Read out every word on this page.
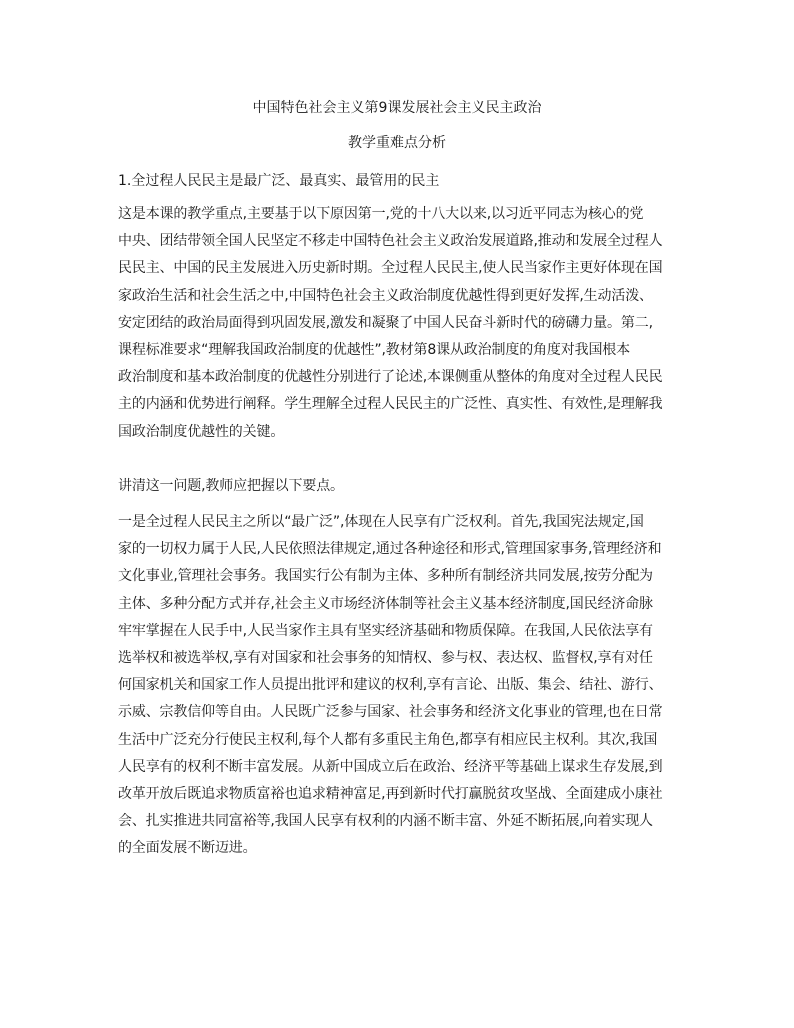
中国特色社会主义第9课发展社会主义民主政治
教学重难点分析
1.全过程人民民主是最广泛、最真实、最管用的民主

这是本课的教学重点,主要基于以下原因第一,党的十八大以来,以习近平同志为核心的党
中央、团结带领全国人民坚定不移走中国特色社会主义政治发展道路,推动和发展全过程人
民民主、中国的民主发展进入历史新时期。全过程人民民主,使人民当家作主更好体现在国
家政治生活和社会生活之中,中国特色社会主义政治制度优越性得到更好发挥,生动活泼、
安定团结的政治局面得到巩固发展,激发和凝聚了中国人民奋斗新时代的磅礴力量。第二,
课程标准要求“理解我国政治制度的优越性”,教材第8课从政治制度的角度对我国根本
政治制度和基本政治制度的优越性分别进行了论述,本课侧重从整体的角度对全过程人民民
主的内涵和优势进行阐释。学生理解全过程人民民主的广泛性、真实性、有效性,是理解我
国政治制度优越性的关键。

讲清这一问题,教师应把握以下要点。

一是全过程人民民主之所以“最广泛”,体现在人民享有广泛权利。首先,我国宪法规定,国
家的一切权力属于人民,人民依照法律规定,通过各种途径和形式,管理国家事务,管理经济和
文化事业,管理社会事务。我国实行公有制为主体、多种所有制经济共同发展,按劳分配为
主体、多种分配方式并存,社会主义市场经济体制等社会主义基本经济制度,国民经济命脉
牢牢掌握在人民手中,人民当家作主具有坚实经济基础和物质保障。在我国,人民依法享有
选举权和被选举权,享有对国家和社会事务的知情权、参与权、表达权、监督权,享有对任
何国家机关和国家工作人员提出批评和建议的权利,享有言论、出版、集会、结社、游行、
示威、宗教信仰等自由。人民既广泛参与国家、社会事务和经济文化事业的管理,也在日常
生活中广泛充分行使民主权利,每个人都有多重民主角色,都享有相应民主权利。其次,我国
人民享有的权利不断丰富发展。从新中国成立后在政治、经济平等基础上谋求生存发展,到
改革开放后既追求物质富裕也追求精神富足,再到新时代打赢脱贫攻坚战、全面建成小康社
会、扎实推进共同富裕等,我国人民享有权利的内涵不断丰富、外延不断拓展,向着实现人
的全面发展不断迈进。
